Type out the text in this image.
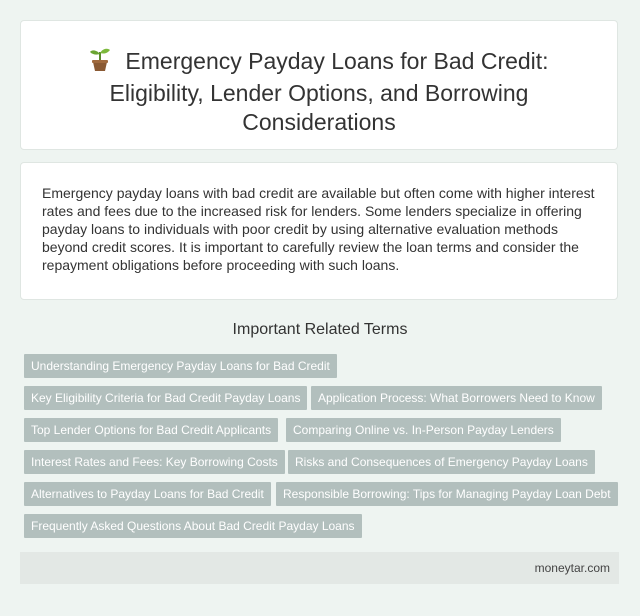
Emergency Payday Loans for Bad Credit: Eligibility, Lender Options, and Borrowing Considerations

Emergency payday loans with bad credit are available but often come with higher interest rates and fees due to the increased risk for lenders. Some lenders specialize in offering payday loans to individuals with poor credit by using alternative evaluation methods beyond credit scores. It is important to carefully review the loan terms and consider the repayment obligations before proceeding with such loans.

Important Related Terms
Understanding Emergency Payday Loans for Bad Credit
Key Eligibility Criteria for Bad Credit Payday Loans	Application Process: What Borrowers Need to Know
Top Lender Options for Bad Credit Applicants	Comparing Online vs. In-Person Payday Lenders
Interest Rates and Fees: Key Borrowing Costs	Risks and Consequences of Emergency Payday Loans
Alternatives to Payday Loans for Bad Credit	Responsible Borrowing: Tips for Managing Payday Loan Debt
Frequently Asked Questions About Bad Credit Payday Loans
moneytar.com
